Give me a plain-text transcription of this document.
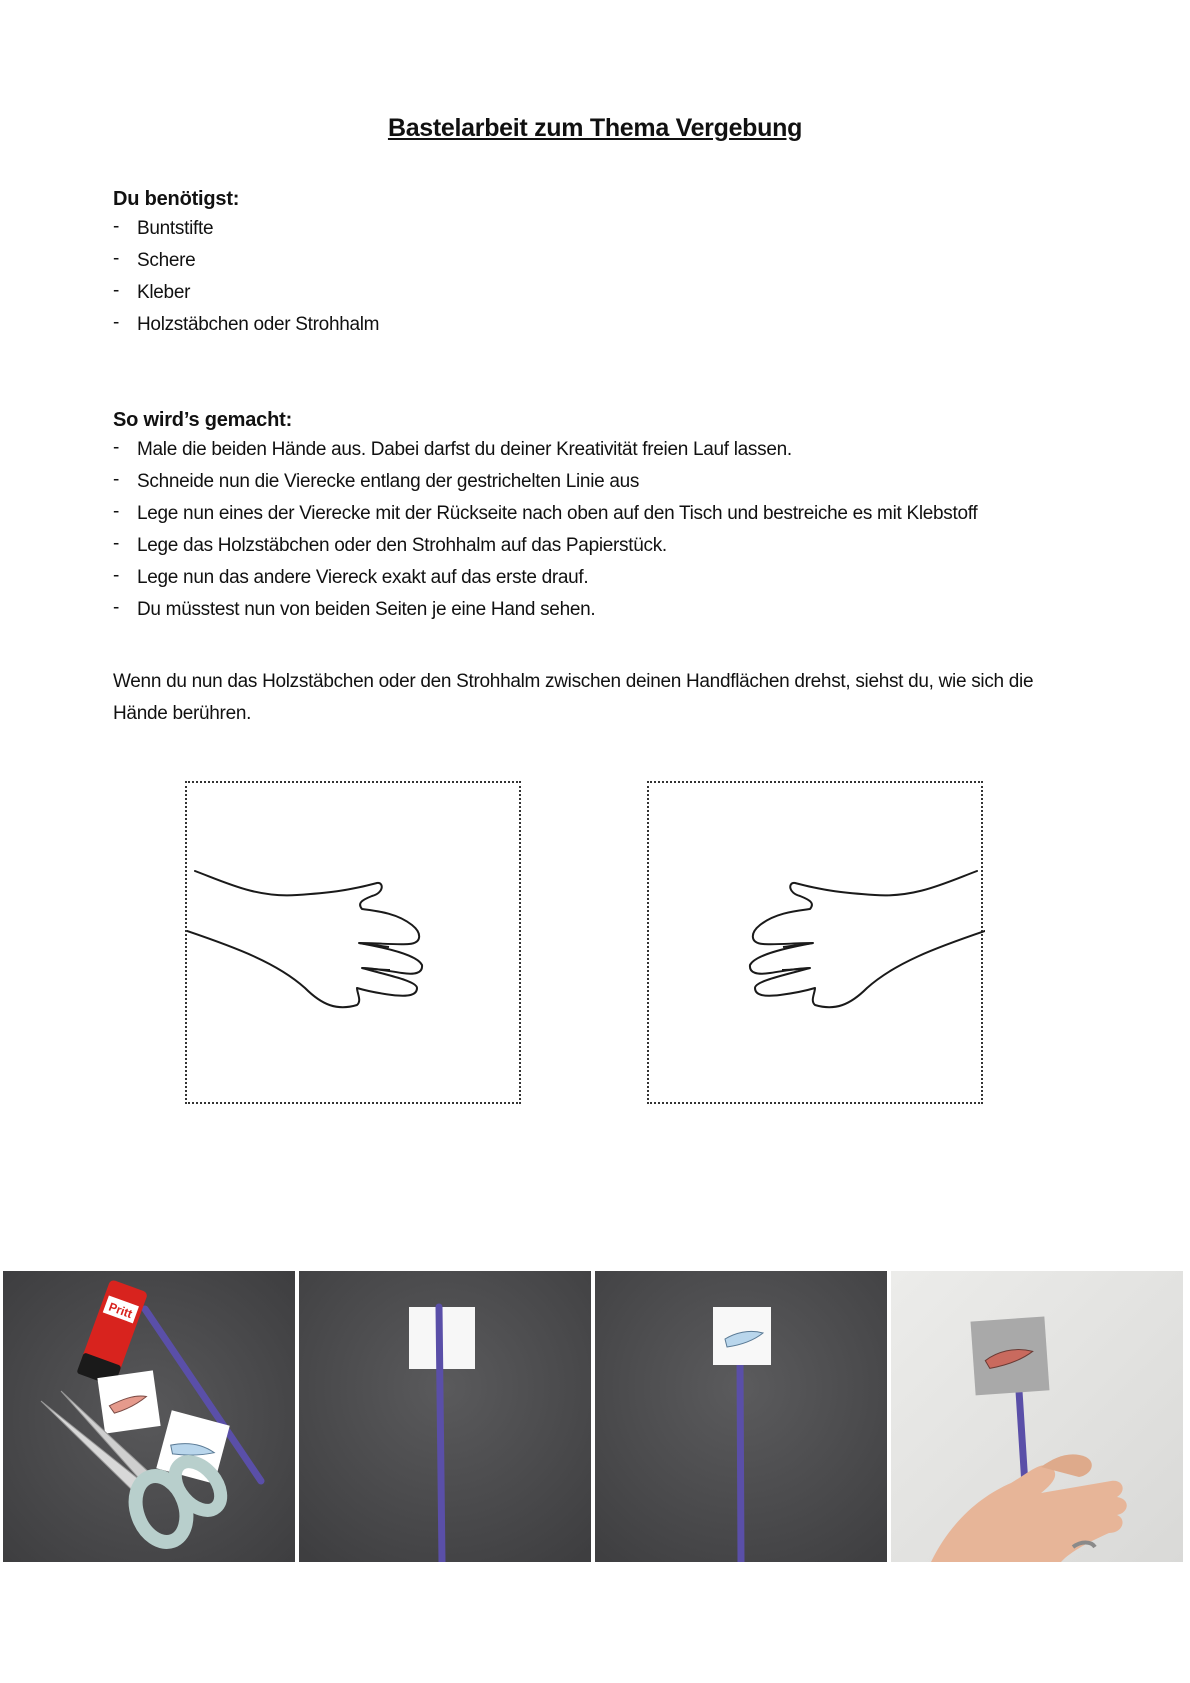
Bastelarbeit zum Thema Vergebung

Du benötigst:

- Buntstifte
- Schere
- Kleber
- Holzstäbchen oder Strohhalm

So wird’s gemacht:

- Male die beiden Hände aus. Dabei darfst du deiner Kreativität freien Lauf lassen.
- Schneide nun die Vierecke entlang der gestrichelten Linie aus
- Lege nun eines der Vierecke mit der Rückseite nach oben auf den Tisch und bestreiche es mit Klebstoff
- Lege das Holzstäbchen oder den Strohhalm auf das Papierstück.
- Lege nun das andere Viereck exakt auf das erste drauf.
- Du müsstest nun von beiden Seiten je eine Hand sehen.

Wenn du nun das Holzstäbchen oder den Strohhalm zwischen deinen Handflächen drehst, siehst du, wie sich die Hände berühren.

Pritt
